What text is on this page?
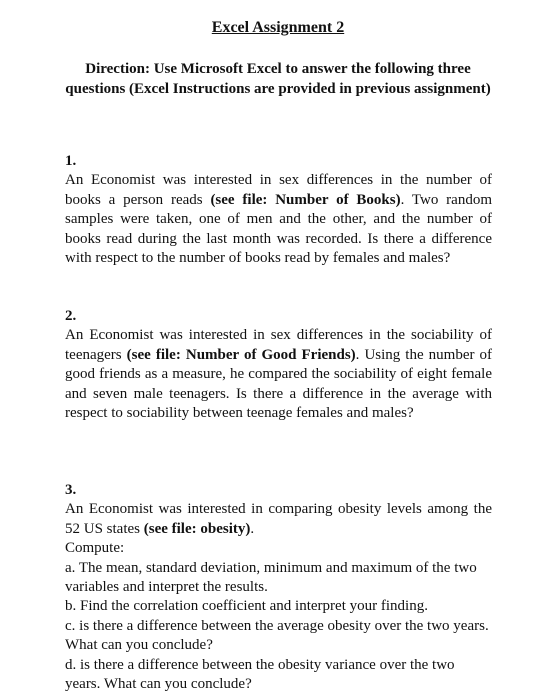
Excel Assignment 2
Direction: Use Microsoft Excel to answer the following three questions (Excel Instructions are provided in previous assignment)
1.
An Economist was interested in sex differences in the number of books a person reads (see file: Number of Books). Two random samples were taken, one of men and the other, and the number of books read during the last month was recorded. Is there a difference with respect to the number of books read by females and males?
2.
An Economist was interested in sex differences in the sociability of teenagers (see file: Number of Good Friends). Using the number of good friends as a measure, he compared the sociability of eight female and seven male teenagers. Is there a difference in the average with respect to sociability between teenage females and males?
3.
An Economist was interested in comparing obesity levels among the 52 US states (see file: obesity).
Compute:
a. The mean, standard deviation, minimum and maximum of the two variables and interpret the results.
b. Find the correlation coefficient and interpret your finding.
c. is there a difference between the average obesity over the two years. What can you conclude?
d. is there a difference between the obesity variance over the two years. What can you conclude?
